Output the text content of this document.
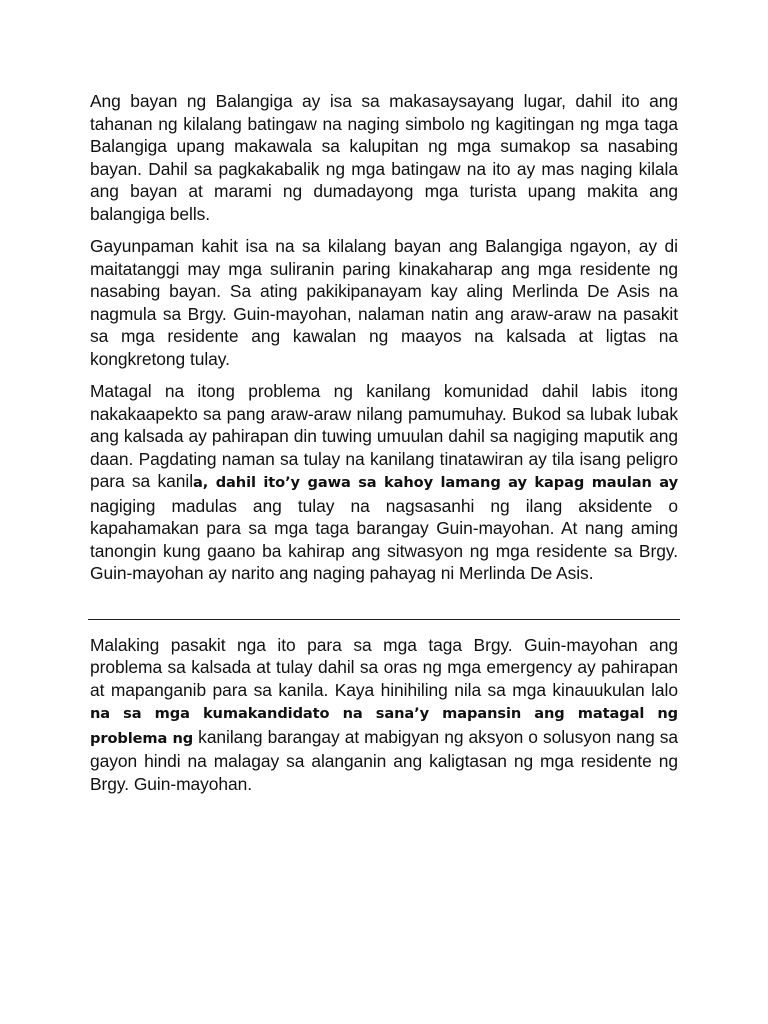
Ang bayan ng Balangiga ay isa sa makasaysayang lugar, dahil ito ang tahanan ng kilalang batingaw na naging simbolo ng kagitingan ng mga taga Balangiga upang makawala sa kalupitan ng mga sumakop sa nasabing bayan. Dahil sa pagkakabalik ng mga batingaw na ito ay mas naging kilala ang bayan at marami ng dumadayong mga turista upang makita ang balangiga bells.

Gayunpaman kahit isa na sa kilalang bayan ang Balangiga ngayon, ay di maitatanggi may mga suliranin paring kinakaharap ang mga residente ng nasabing bayan. Sa ating pakikipanayam kay aling Merlinda De Asis na nagmula sa Brgy. Guin-mayohan, nalaman natin ang araw-araw na pasakit sa mga residente ang kawalan ng maayos na kalsada at ligtas na kongkretong tulay.

Matagal na itong problema ng kanilang komunidad dahil labis itong nakakaapekto sa pang araw-araw nilang pamumuhay. Bukod sa lubak lubak ang kalsada ay pahirapan din tuwing umuulan dahil sa nagiging maputik ang daan. Pagdating naman sa tulay na kanilang tinatawiran ay tila isang peligro para sa kanila, dahil ito’y gawa sa kahoy lamang ay kapag maulan ay nagiging madulas ang tulay na nagsasanhi ng ilang aksidente o kapahamakan para sa mga taga barangay Guin-mayohan. At nang aming tanongin kung gaano ba kahirap ang sitwasyon ng mga residente sa Brgy. Guin-mayohan ay narito ang naging pahayag ni Merlinda De Asis.

Malaking pasakit nga ito para sa mga taga Brgy. Guin-mayohan ang problema sa kalsada at tulay dahil sa oras ng mga emergency ay pahirapan at mapanganib para sa kanila. Kaya hinihiling nila sa mga kinauukulan lalo na sa mga kumakandidato na sana’y mapansin ang matagal ng problema ng kanilang barangay at mabigyan ng aksyon o solusyon nang sa gayon hindi na malagay sa alanganin ang kaligtasan ng mga residente ng Brgy. Guin-mayohan.
